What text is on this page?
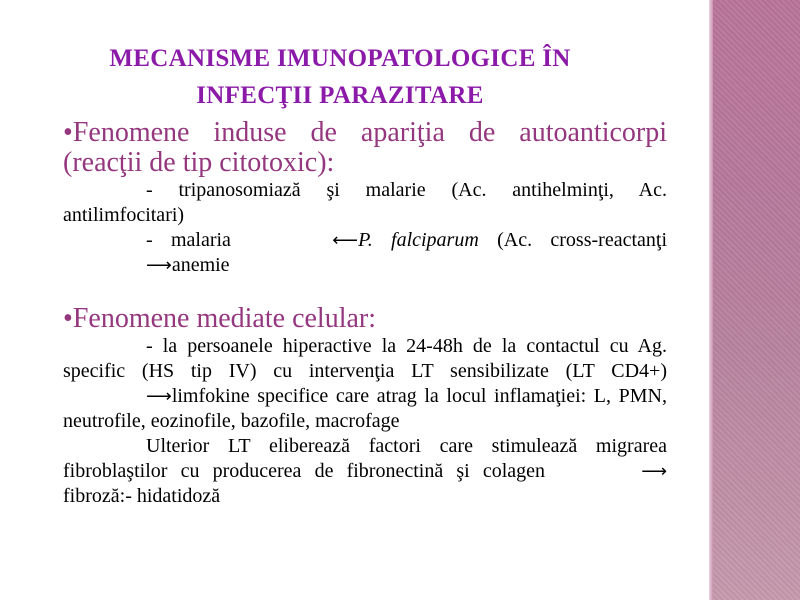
MECANISME IMUNOPATOLOGICE ÎN
INFECŢII PARAZITARE

•Fenomene induse de apariţia de autoanticorpi (reacţii de tip citotoxic):

- tripanosomiază şi malarie (Ac. antihelminţi, Ac. antilimfocitari)

- malaria	⟵P. falciparum (Ac. cross-reactanţi ⟶anemie

•Fenomene mediate celular:

- la persoanele hiperactive la 24-48h de la contactul cu Ag. specific (HS tip IV) cu intervenţia LT sensibilizate (LT CD4+)⟶limfokine specifice care atrag la locul inflamaţiei: L, PMN, neutrofile, eozinofile, bazofile, macrofage

Ulterior LT eliberează factori care stimulează migrarea fibroblaştilor cu producerea de fibronectină şi colagen	⟶fibroză:- hidatidoză
